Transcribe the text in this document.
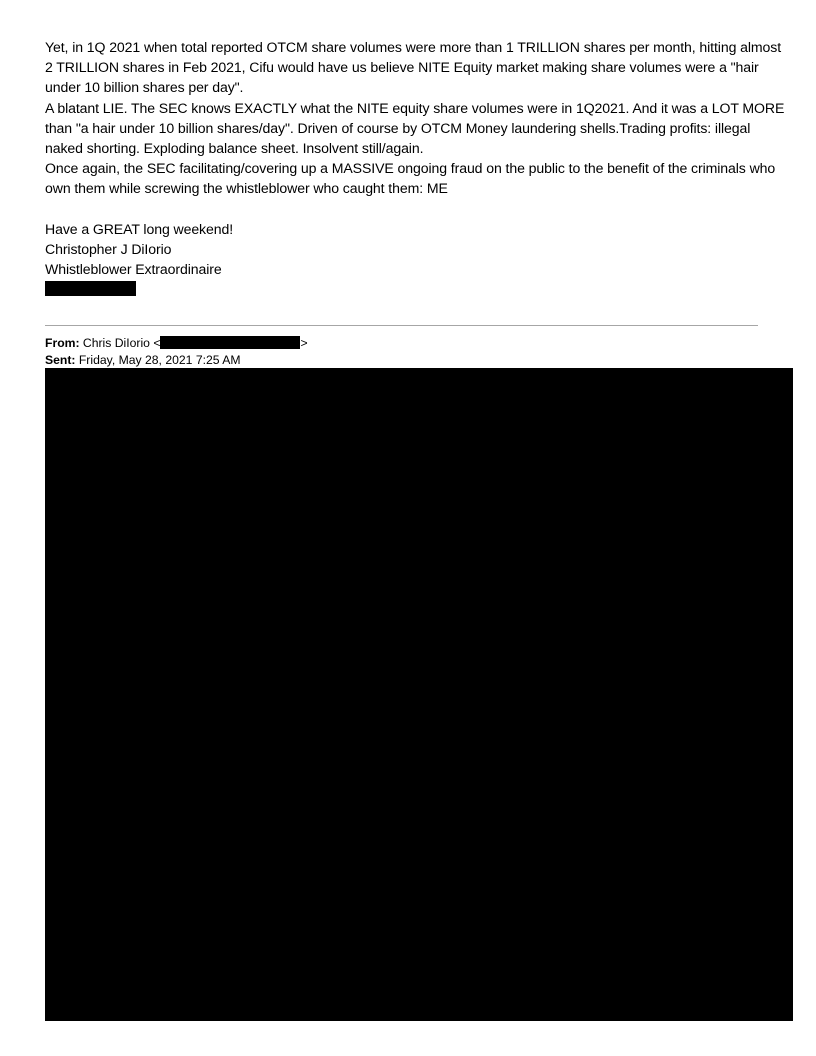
Yet, in 1Q 2021 when total reported OTCM share volumes were more than 1 TRILLION shares per month, hitting almost 2 TRILLION shares in Feb 2021, Cifu would have us believe NITE Equity market making share volumes were a "hair under 10 billion shares per day".

A blatant LIE. The SEC knows EXACTLY what the NITE equity share volumes were in 1Q2021. And it was a LOT MORE than "a hair under 10 billion shares/day". Driven of course by OTCM Money laundering shells.Trading profits: illegal naked shorting. Exploding balance sheet. Insolvent still/again.

Once again, the SEC facilitating/covering up a MASSIVE ongoing fraud on the public to the benefit of the criminals who own them while screwing the whistleblower who caught them: ME

Have a GREAT long weekend!

Christopher J DiIorio

Whistleblower Extraordinaire

From: Chris DiIorio <	>
Sent: Friday, May 28, 2021 7:25 AM
